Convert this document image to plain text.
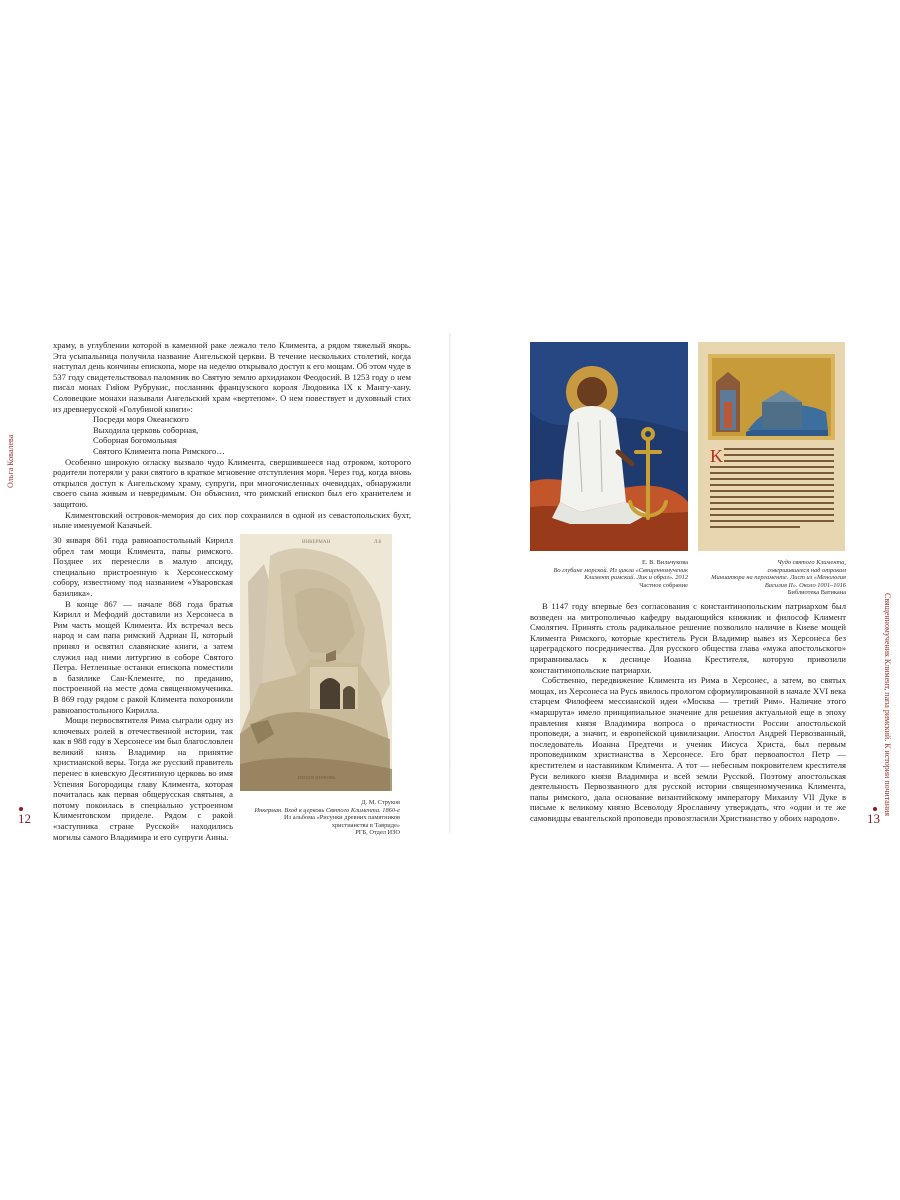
12
Ольга Ковалева

храму, в углублении которой в каменной раке лежало тело Климента, а рядом тяжелый якорь. Эта усыпальница получила название Ангельской церкви. В течение нескольких столетий, когда наступал день кончины епископа, море на неделю открывало доступ к его мощам. Об этом чуде в 537 году свидетельствовал паломник во Святую землю архидиакон Феодосий. В 1253 году о нем писал монах Гийом Рубрукис, посланник французского короля Людовика IX к Мангу-хану. Соловецкие монахи называли Ангельский храм «вертепом». О нем повествует и духовный стих из древнерусской «Голубиной книги»:

Посреди моря Океанского
Выходила церковь соборная,
Соборная богомольная
Святого Климента попа Римского…

Особенно широкую огласку вызвало чудо Климента, свершившееся над отроком, которого родители потеряли у раки святого в краткое мгновение отступления моря. Через год, когда вновь открылся доступ к Ангельскому храму, супруги, при многочисленных очевидцах, обнаружили своего сына живым и невредимым. Он объяснил, что римский епископ был его хранителем и защитою.

Климентовский островок-мемория до сих пор сохранился в одной из севастопольских бухт, ныне именуемой Казачьей.

30 января 861 года равноапостольный Кирилл обрел там мощи Климента, папы римского. Позднее их перенесли в малую апсиду, специально пристроенную к Херсонесскому собору, известному под названием «Уваровская базилика».

В конце 867 — начале 868 года братья Кирилл и Мефодий доставили из Херсонеса в Рим часть мощей Климента. Их встречал весь народ и сам папа римский Адриан II, который принял и освятил славянские книги, а затем служил над ними литургию в соборе Святого Петра. Нетленные останки епископа поместили в базилике Сан-Клементе, по преданию, построенной на месте дома священномученика. В 869 году рядом с ракой Климента похоронили равноапостольного Кирилла.

Мощи первосвятителя Рима сыграли одну из ключевых ролей в отечественной истории, так как в 988 году в Херсонесе им был благословлен великий князь Владимир на принятие христианской веры. Тогда же русский правитель перенес в киевскую Десятинную церковь во имя Успения Богородицы главу Климента, которая почиталась как первая общерусская святыня, а потому покоилась в специально устроенном Климентовском приделе. Рядом с ракой «заступника стране Русской» находились могилы самого Владимира и его супруги Анны.

ИНКЕРМАН	Л.8
ВХОД В ЦЕРКОВЬ
Д. М. Струков
Инкерман. Вход в церковь Святого Климента. 1860-е
Из альбома «Рисунки древних памятников
христианства в Тавриде»
РГБ, Отдел ИЗО
13
Священномученик Климент, папа римский. К истории почитания
K
Е. В. Вильчукова
Во глубине морской. Из цикла «Священномученик
Климент римский. Лик и образ». 2012
Частное собрание
Чудо святого Климента,
совершившееся над отроком
Миниатюра на пергаменте. Лист из «Менология
Василия II». Около 1001–1016
Библиотека Ватикана

В 1147 году впервые без согласования с константинопольским патриархом был возведен на митрополичью кафедру выдающийся книжник и философ Климент Смолятич. Принять столь радикальное решение позволило наличие в Киеве мощей Климента Римского, которые креститель Руси Владимир вывез из Херсонеса без цареградского посредничества. Для русского общества глава «мужа апостольского» приравнивалась к деснице Иоанна Крестителя, которую привозили константинопольские патриархи.

Собственно, передвижение Климента из Рима в Херсонес, а затем, во святых мощах, из Херсонеса на Русь явилось прологом сформулированной в начале XVI века старцем Филофеем мессианской идеи «Москва — третий Рим». Наличие этого «маршрута» имело принципиальное значение для решения актуальной еще в эпоху правления князя Владимира вопроса о причастности России апостольской проповеди, а значит, и европейской цивилизации. Апостол Андрей Первозванный, последователь Иоанна Предтечи и ученик Иисуса Христа, был первым проповедником христианства в Херсонесе. Его брат первоапостол Петр — крестителем и наставником Климента. А тот — небесным покровителем крестителя Руси великого князя Владимира и всей земли Русской. Поэтому апостольская деятельность Первозванного для русской истории священномученика Климента, папы римского, дала основание византийскому императору Михаилу VII Дуке в письме к великому князю Всеволоду Ярославичу утверждать, что «одни и те же самовидцы евангельской проповеди провозгласили Христианство у обоих народов».
